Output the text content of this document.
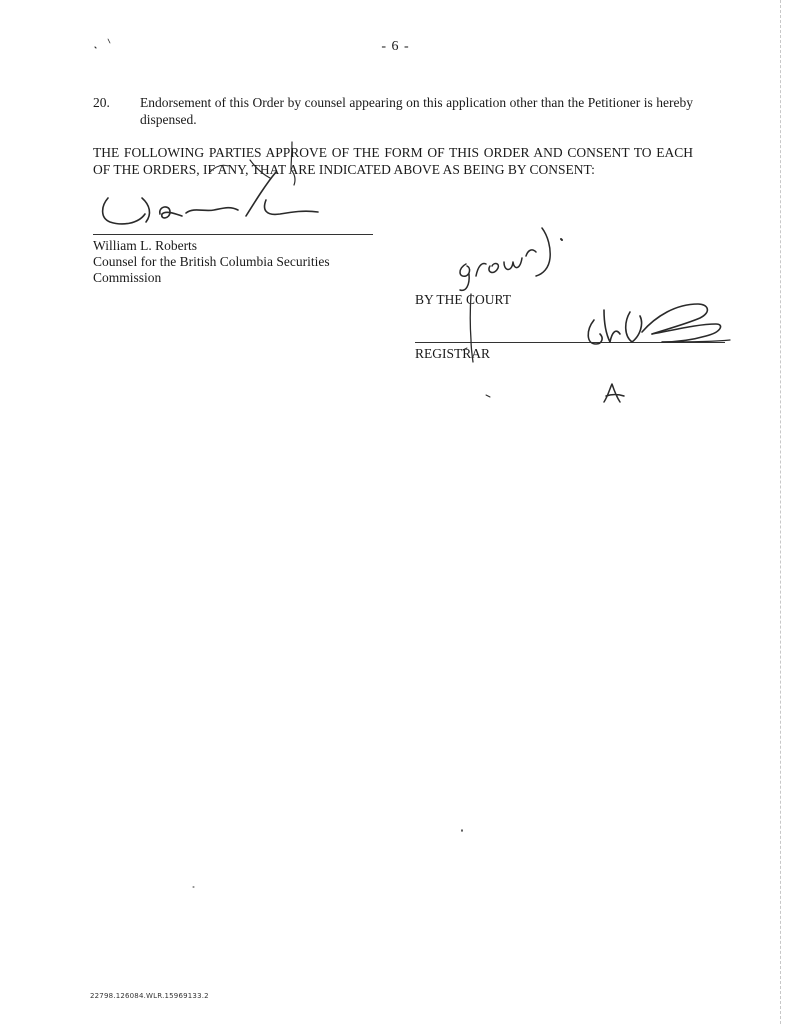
- 6 -
20. Endorsement of this Order by counsel appearing on this application other than the Petitioner is hereby dispensed.
THE FOLLOWING PARTIES APPROVE OF THE FORM OF THIS ORDER AND CONSENT TO EACH OF THE ORDERS, IF ANY, THAT ARE INDICATED ABOVE AS BEING BY CONSENT:
William L. Roberts
Counsel for the British Columbia Securities Commission
BY THE COURT
REGISTRAR
22798.126084.WLR.15969133.2
